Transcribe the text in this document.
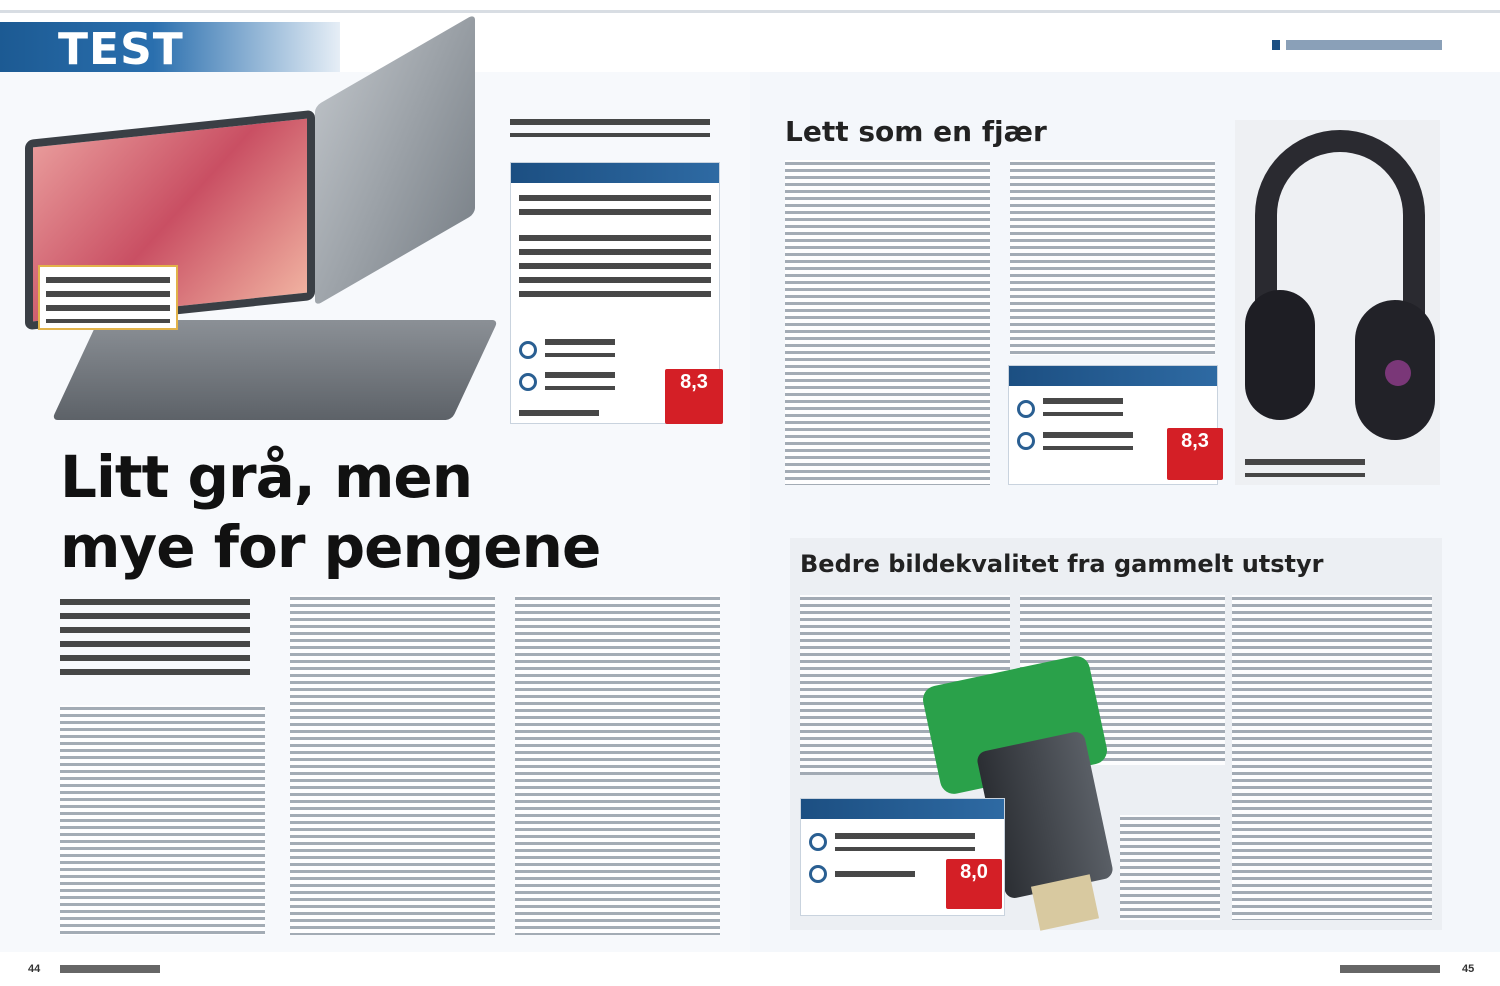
TEST
8,3
Litt grå, men mye for pengene
Lett som en fjær
8,3
Bedre bildekvalitet fra gammelt utstyr
8,0
44	45
